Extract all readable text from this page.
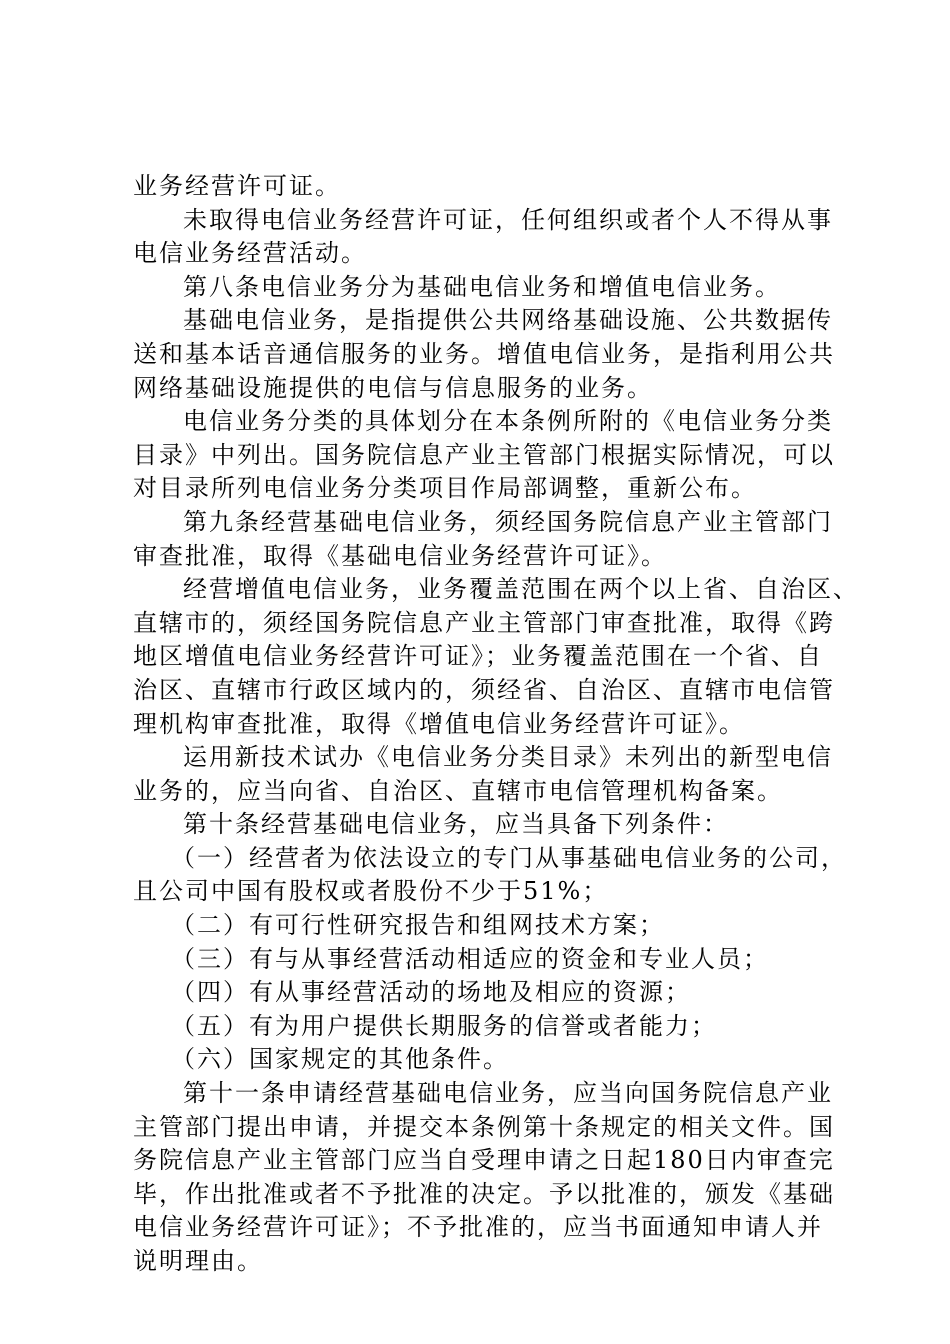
业务经营许可证。
未取得电信业务经营许可证，任何组织或者个人不得从事
电信业务经营活动。
第八条电信业务分为基础电信业务和增值电信业务。
基础电信业务，是指提供公共网络基础设施、公共数据传
送和基本话音通信服务的业务。增值电信业务，是指利用公共
网络基础设施提供的电信与信息服务的业务。
电信业务分类的具体划分在本条例所附的《电信业务分类
目录》中列出。国务院信息产业主管部门根据实际情况，可以
对目录所列电信业务分类项目作局部调整，重新公布。
第九条经营基础电信业务，须经国务院信息产业主管部门
审查批准，取得《基础电信业务经营许可证》。
经营增值电信业务，业务覆盖范围在两个以上省、自治区、
直辖市的，须经国务院信息产业主管部门审查批准，取得《跨
地区增值电信业务经营许可证》；业务覆盖范围在一个省、自
治区、直辖市行政区域内的，须经省、自治区、直辖市电信管
理机构审查批准，取得《增值电信业务经营许可证》。
运用新技术试办《电信业务分类目录》未列出的新型电信
业务的，应当向省、自治区、直辖市电信管理机构备案。
第十条经营基础电信业务，应当具备下列条件：
（一）经营者为依法设立的专门从事基础电信业务的公司，
且公司中国有股权或者股份不少于51%；
（二）有可行性研究报告和组网技术方案；
（三）有与从事经营活动相适应的资金和专业人员；
（四）有从事经营活动的场地及相应的资源；
（五）有为用户提供长期服务的信誉或者能力；
（六）国家规定的其他条件。
第十一条申请经营基础电信业务，应当向国务院信息产业
主管部门提出申请，并提交本条例第十条规定的相关文件。国
务院信息产业主管部门应当自受理申请之日起180日内审查完
毕，作出批准或者不予批准的决定。予以批准的，颁发《基础
电信业务经营许可证》；不予批准的，应当书面通知申请人并
说明理由。
